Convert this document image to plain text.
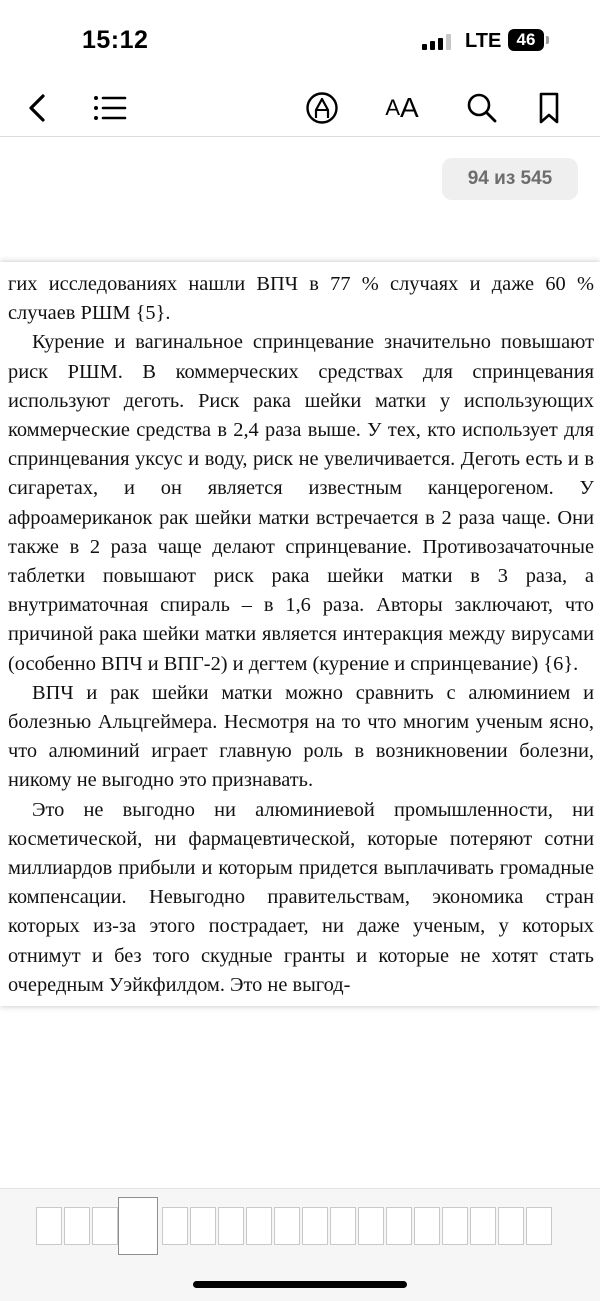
15:12	LTE 46
A A
94 из 545

гих исследованиях нашли ВПЧ в 77 % случаях и даже 60 % случаев РШМ {5}.

Курение и вагинальное спринцевание значительно повышают риск РШМ. В коммерческих средствах для спринцевания используют деготь. Риск рака шейки матки у использующих коммерческие средства в 2,4 раза выше. У тех, кто использует для спринцевания уксус и воду, риск не увеличивается. Деготь есть и в сигаретах, и он является известным канцерогеном. У афроамериканок рак шейки матки встречается в 2 раза чаще. Они также в 2 раза чаще делают спринцевание. Противозачаточные таблетки повышают риск рака шейки матки в 3 раза, а внутриматочная спираль – в 1,6 раза. Авторы заключают, что причиной рака шейки матки является интеракция между вирусами (особенно ВПЧ и ВПГ-2) и дегтем (курение и спринцевание) {6}.

ВПЧ и рак шейки матки можно сравнить с алюминием и болезнью Альцгеймера. Несмотря на то что многим ученым ясно, что алюминий играет главную роль в возникновении болезни, никому не выгодно это признавать.

Это не выгодно ни алюминиевой промышленности, ни косметической, ни фармацевтической, которые потеряют сотни миллиардов прибыли и которым придется выплачивать громадные компенсации. Невыгодно правительствам, экономика стран которых из-за этого пострадает, ни даже ученым, у которых отнимут и без того скудные гранты и которые не хотят стать очередным Уэйкфилдом. Это не выгод-
